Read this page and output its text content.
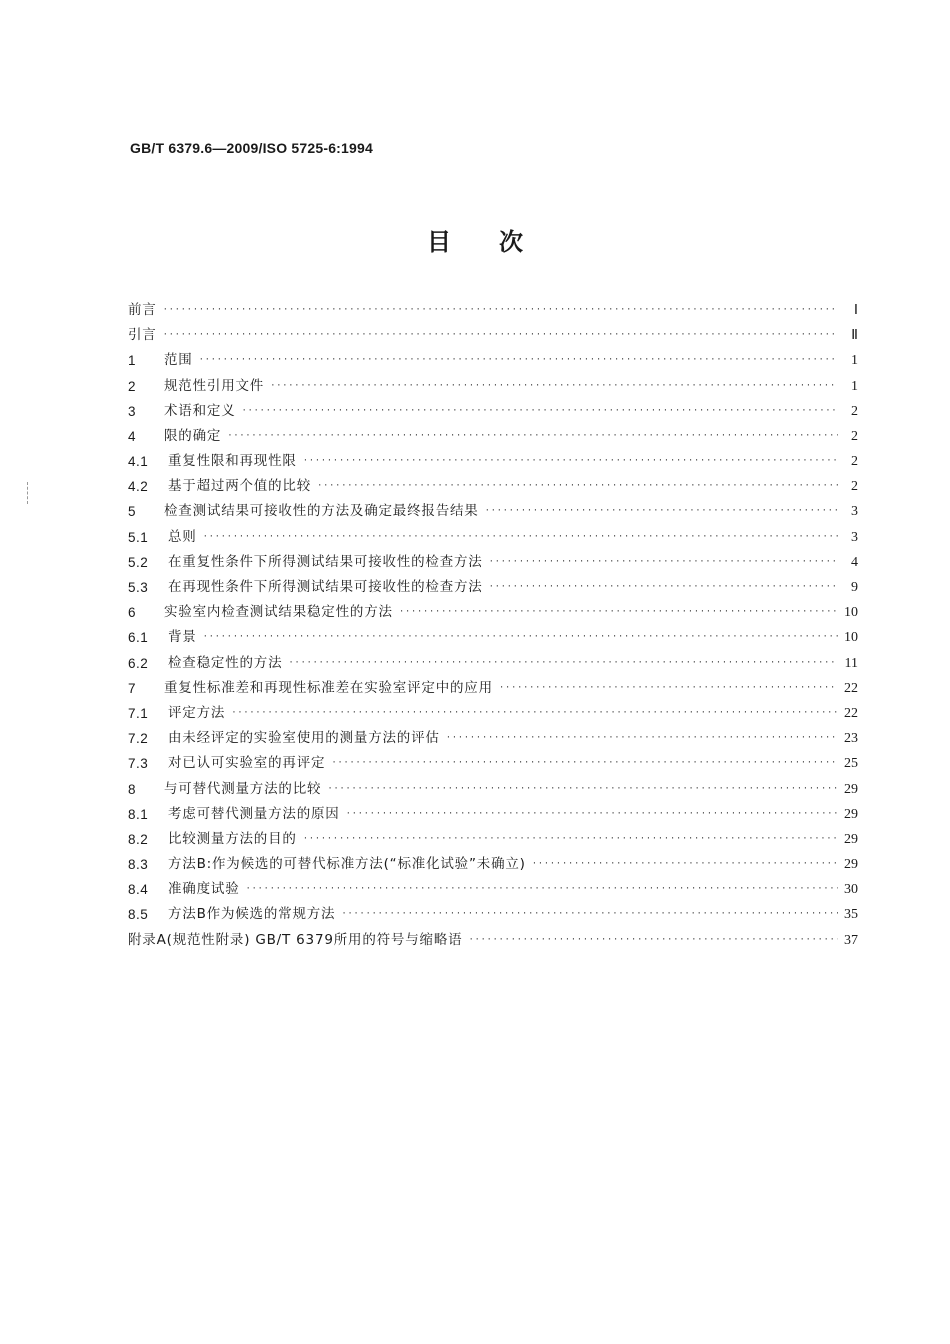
GB/T 6379.6—2009/ISO 5725-6:1994
目次
前言 ·····	Ⅰ
引言 ·····	Ⅱ
1	范围 ·····	1
2	规范性引用文件 ·····	1
3	术语和定义 ·····	2
4	限的确定 ·····	2
4.1	重复性限和再现性限 ·····	2
4.2	基于超过两个值的比较 ·····	2
5	检查测试结果可接收性的方法及确定最终报告结果 ·····	3
5.1	总则 ·····	3
5.2	在重复性条件下所得测试结果可接收性的检查方法 ·····	4
5.3	在再现性条件下所得测试结果可接收性的检查方法 ·····	9
6	实验室内检查测试结果稳定性的方法 ·····	10
6.1	背景 ·····	10
6.2	检查稳定性的方法 ·····	11
7	重复性标准差和再现性标准差在实验室评定中的应用 ·····	22
7.1	评定方法 ·····	22
7.2	由未经评定的实验室使用的测量方法的评估 ·····	23
7.3	对已认可实验室的再评定 ·····	25
8	与可替代测量方法的比较 ·····	29
8.1	考虑可替代测量方法的原因 ·····	29
8.2	比较测量方法的目的 ·····	29
8.3	方法B:作为候选的可替代标准方法(“标准化试验”未确立) ·····	29
8.4	准确度试验 ·····	30
8.5	方法B作为候选的常规方法 ·····	35
附录A(规范性附录) GB/T 6379所用的符号与缩略语 ·····	37
